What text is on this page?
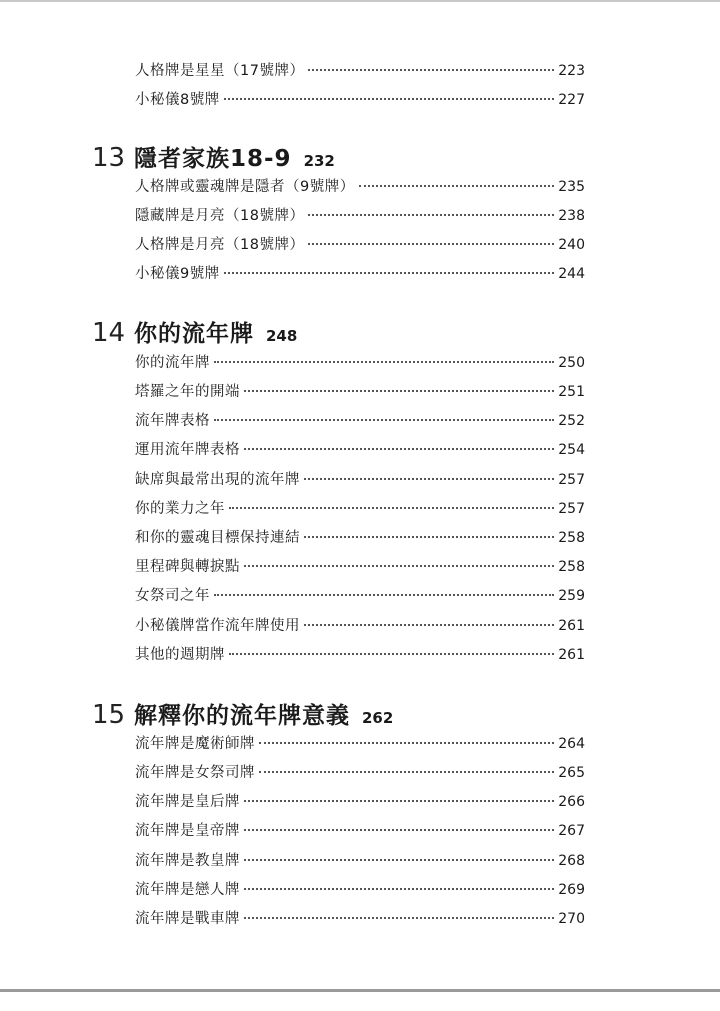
人格牌是星星（17號牌）	223
小秘儀8號牌	227
13 隱者家族18-9 232
人格牌或靈魂牌是隱者（9號牌）	235
隱藏牌是月亮（18號牌）	238
人格牌是月亮（18號牌）	240
小秘儀9號牌	244
14 你的流年牌 248
你的流年牌	250
塔羅之年的開端	251
流年牌表格	252
運用流年牌表格	254
缺席與最常出現的流年牌	257
你的業力之年	257
和你的靈魂目標保持連結	258
里程碑與轉捩點	258
女祭司之年	259
小秘儀牌當作流年牌使用	261
其他的週期牌	261
15 解釋你的流年牌意義 262
流年牌是魔術師牌	264
流年牌是女祭司牌	265
流年牌是皇后牌	266
流年牌是皇帝牌	267
流年牌是教皇牌	268
流年牌是戀人牌	269
流年牌是戰車牌	270
